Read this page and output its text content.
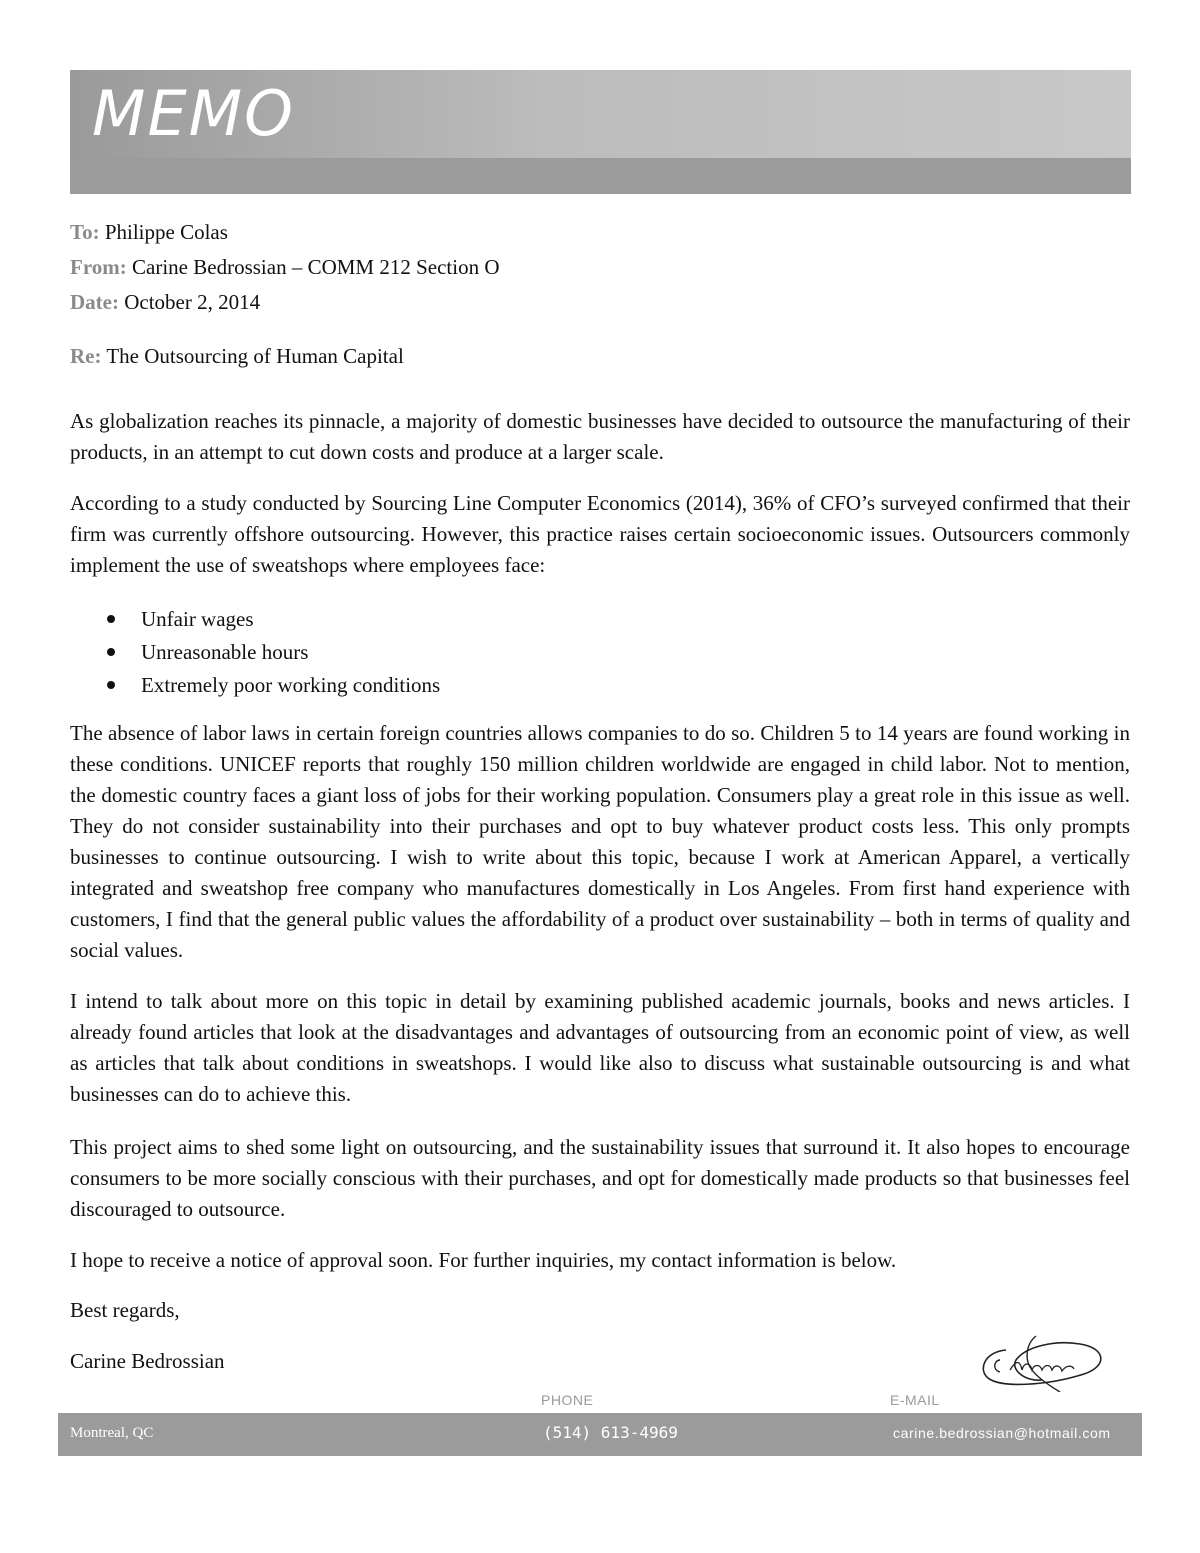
MEMO
To: Philippe Colas
From: Carine Bedrossian – COMM 212 Section O
Date: October 2, 2014
Re: The Outsourcing of Human Capital

As globalization reaches its pinnacle, a majority of domestic businesses have decided to outsource the manufacturing of their products, in an attempt to cut down costs and produce at a larger scale.

According to a study conducted by Sourcing Line Computer Economics (2014), 36% of CFO’s surveyed confirmed that their firm was currently offshore outsourcing. However, this practice raises certain socioeconomic issues. Outsourcers commonly implement the use of sweatshops where employees face:

Unfair wages
Unreasonable hours
Extremely poor working conditions

The absence of labor laws in certain foreign countries allows companies to do so. Children 5 to 14 years are found working in these conditions. UNICEF reports that roughly 150 million children worldwide are engaged in child labor. Not to mention, the domestic country faces a giant loss of jobs for their working population. Consumers play a great role in this issue as well. They do not consider sustainability into their purchases and opt to buy whatever product costs less. This only prompts businesses to continue outsourcing. I wish to write about this topic, because I work at American Apparel, a vertically integrated and sweatshop free company who manufactures domestically in Los Angeles. From first hand experience with customers, I find that the general public values the affordability of a product over sustainability – both in terms of quality and social values.

I intend to talk about more on this topic in detail by examining published academic journals, books and news articles. I already found articles that look at the disadvantages and advantages of outsourcing from an economic point of view, as well as articles that talk about conditions in sweatshops. I would like also to discuss what sustainable outsourcing is and what businesses can do to achieve this.

This project aims to shed some light on outsourcing, and the sustainability issues that surround it. It also hopes to encourage consumers to be more socially conscious with their purchases, and opt for domestically made products so that businesses feel discouraged to outsource.

I hope to receive a notice of approval soon. For further inquiries, my contact information is below.

Best regards,

Carine Bedrossian

PHONE	E-MAIL
Montreal, QC	(514) 613-4969	carine.bedrossian@hotmail.com
